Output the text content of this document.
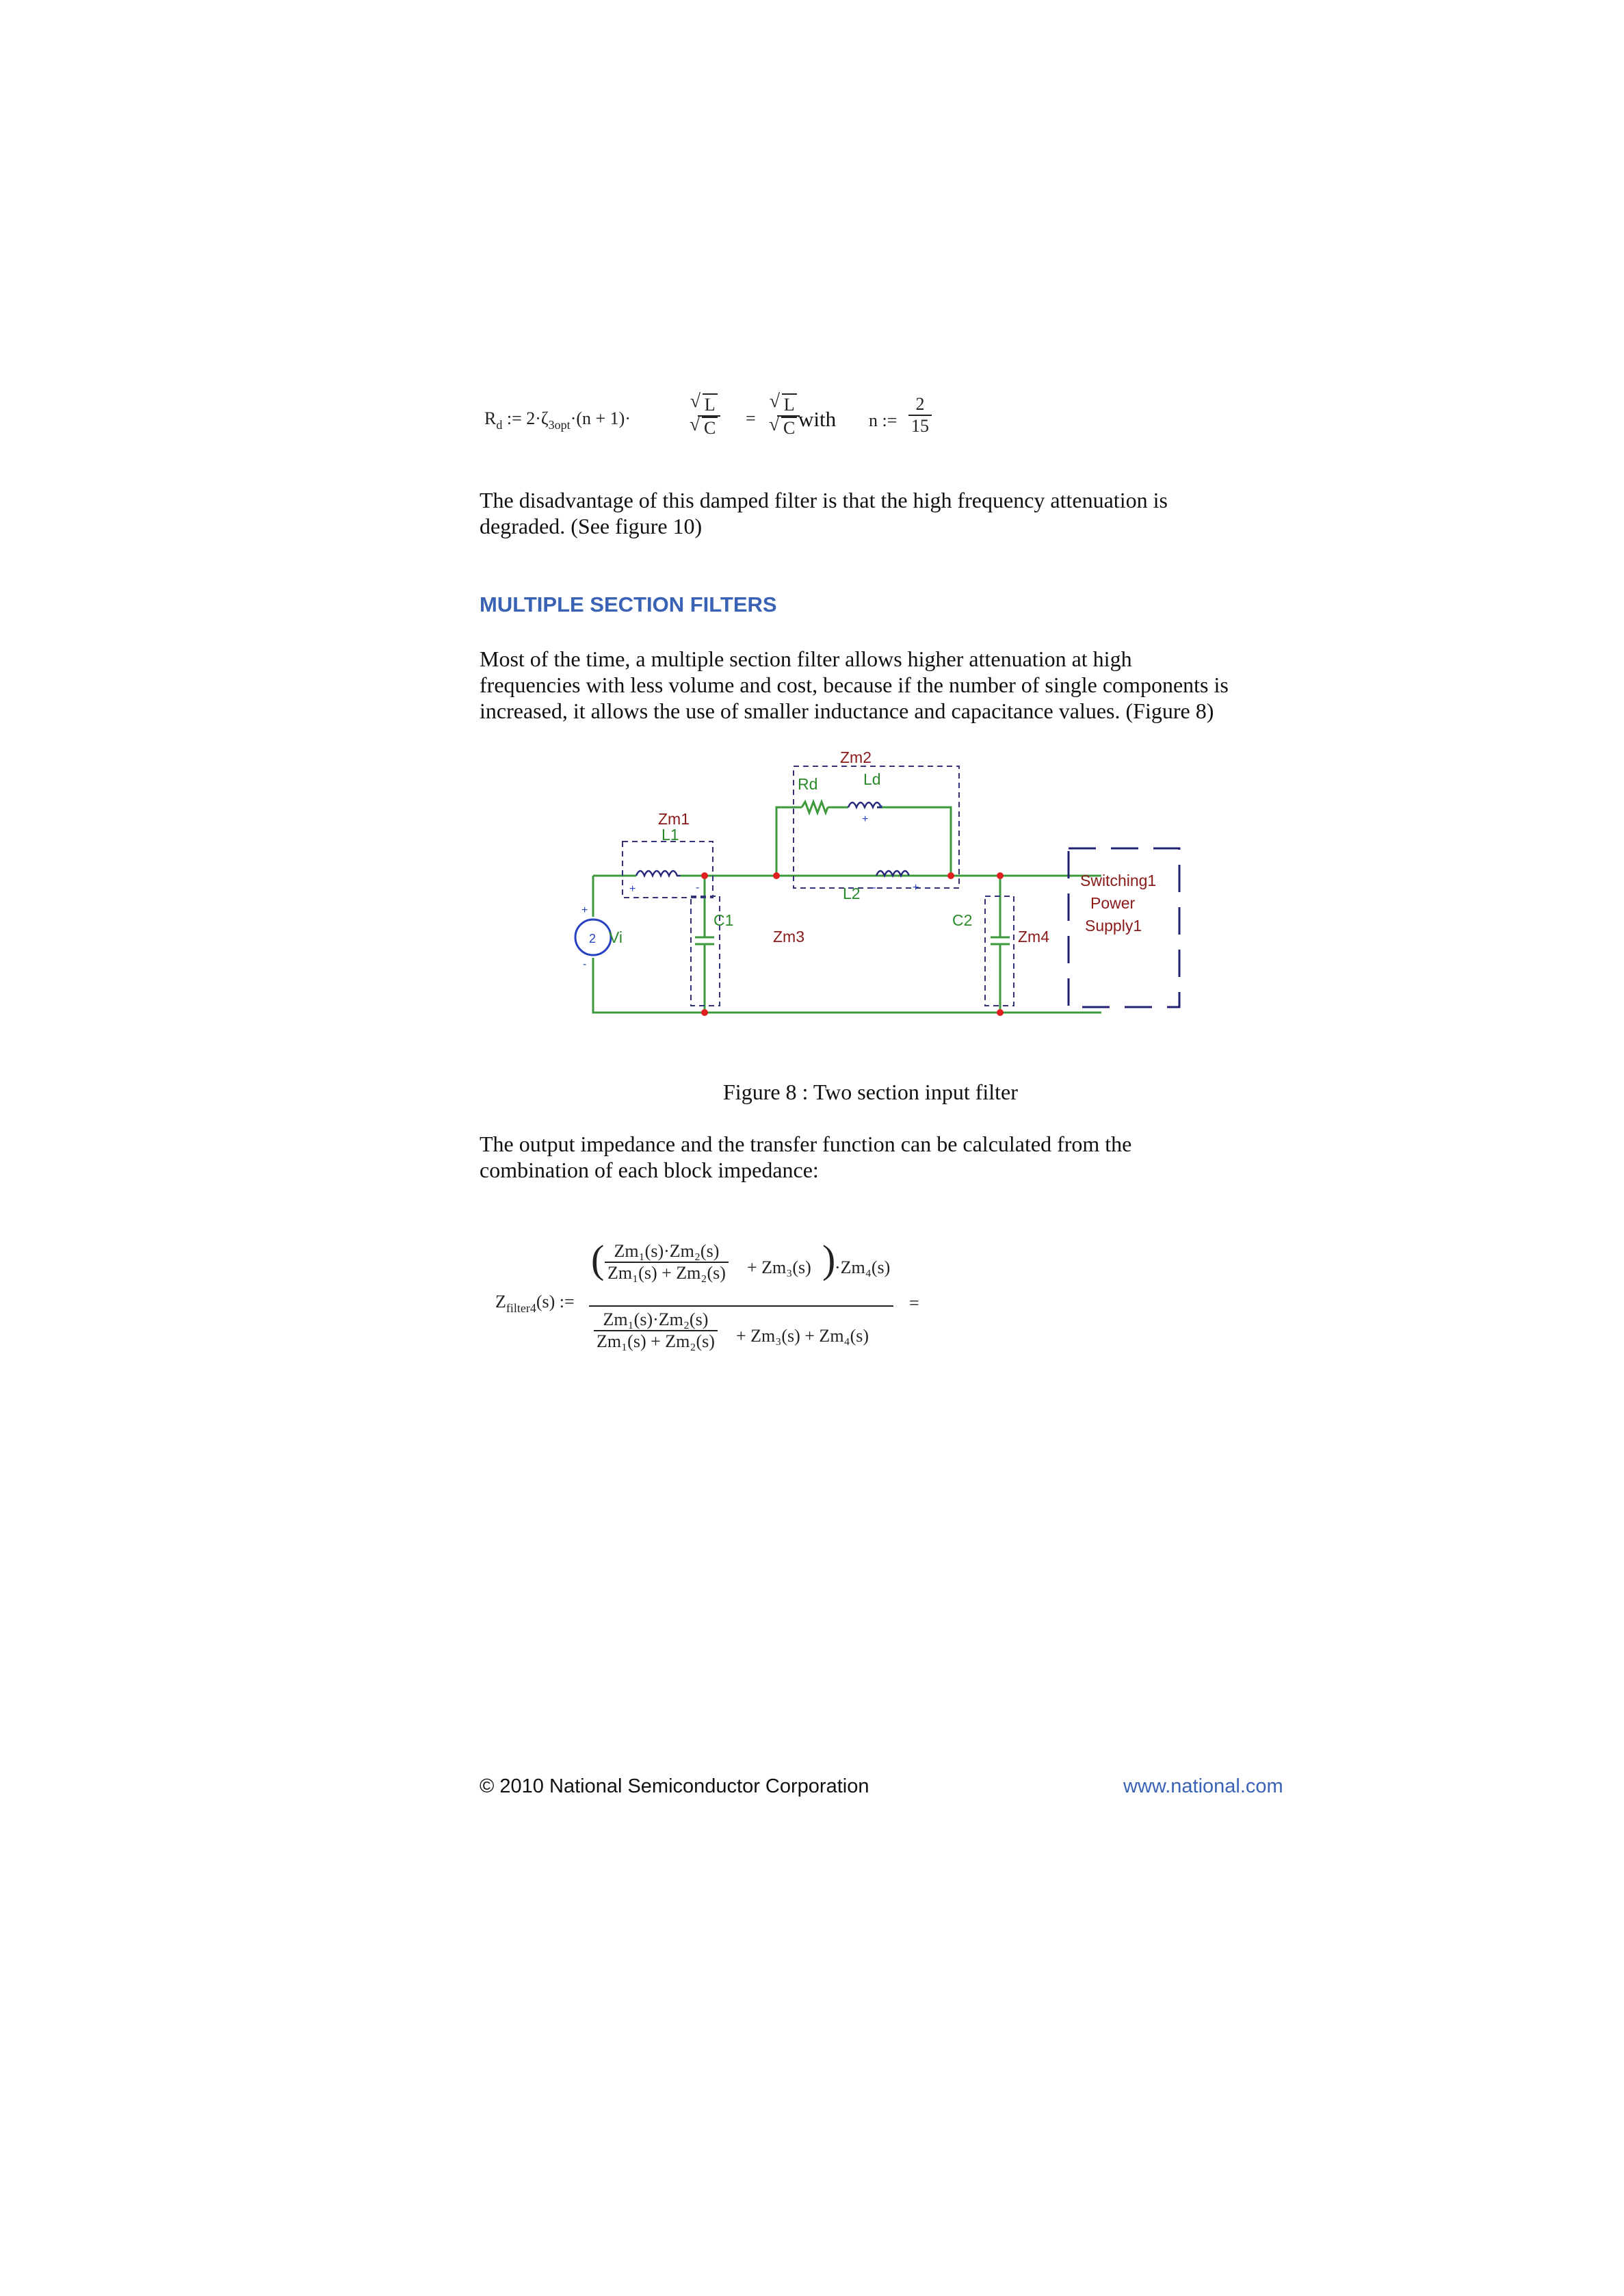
$R_d$ := $2\cdot\zeta_{3opt}\cdot(n + 1)\cdot$	√ L
√ C = √ L
√ C
with n := $\frac{2}{15}$
The disadvantage of this damped filter is that the high frequency attenuation is
degraded. (See figure 10)
MULTIPLE SECTION FILTERS
Most of the time, a multiple section filter allows higher attenuation at high
frequencies with less volume and cost, because if the number of single components is
increased, it allows the use of smaller inductance and capacitance values. (Figure 8)
Zm1
L1
Zm2
Rd	Ld
L2
C1
Zm3
C2
Zm4
Vi
2
Switching1
Power
Supply1
+	-
+
-
-	+
+
-
Figure 8 : Two section input filter
The output impedance and the transfer function can be calculated from the
combination of each block impedance:
$Z_{filter4}(s)$ :=
( $\frac{\text{Zm₁(s)·Zm₂(s)}}{\text{Zm₁(s) + Zm₂(s)}} + Zm_3(s)$ )
·Zm₄(s)
$\frac{\text{Zm₁(s)·Zm₂(s)}}{\text{Zm₁(s) + Zm₂(s)}} + Zm_3(s) + Zm_4(s)$
=
© 2010 National Semiconductor Corporation	www.national.com
